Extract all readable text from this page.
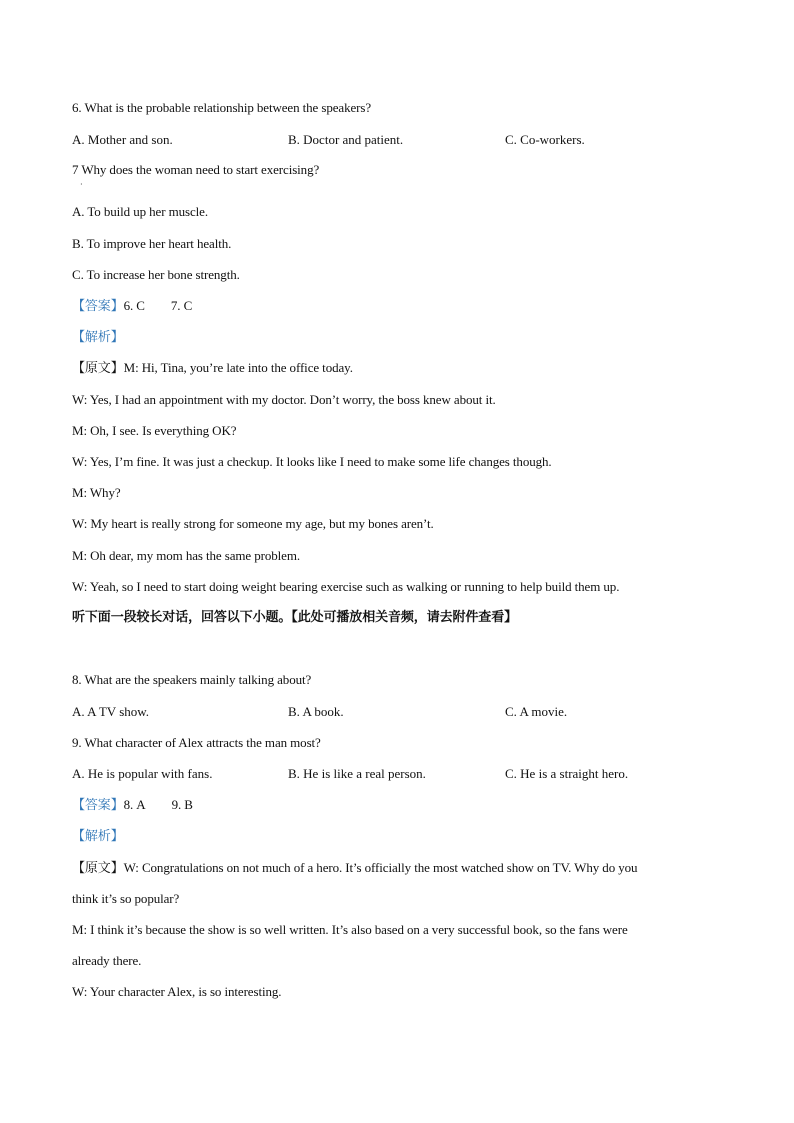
6. What is the probable relationship between the speakers?
A. Mother and son.	B. Doctor and patient.	C. Co-workers.
7 Why does the woman need to start exercising?
·
A. To build up her muscle.
B. To improve her heart health.
C. To increase her bone strength.
【答案】6. C 7. C
【解析】
【原文】M: Hi, Tina, you’re late into the office today.
W: Yes, I had an appointment with my doctor. Don’t worry, the boss knew about it.
M: Oh, I see. Is everything OK?
W: Yes, I’m fine. It was just a checkup. It looks like I need to make some life changes though.
M: Why?
W: My heart is really strong for someone my age, but my bones aren’t.
M: Oh dear, my mom has the same problem.
W: Yeah, so I need to start doing weight bearing exercise such as walking or running to help build them up.
听下面一段较长对话，回答以下小题。【此处可播放相关音频，请去附件查看】
8. What are the speakers mainly talking about?
A. A TV show.	B. A book.	C. A movie.
9. What character of Alex attracts the man most?
A. He is popular with fans.	B. He is like a real person.	C. He is a straight hero.
【答案】8. A 9. B
【解析】
【原文】W: Congratulations on not much of a hero. It’s officially the most watched show on TV. Why do you
think it’s so popular?
M: I think it’s because the show is so well written. It’s also based on a very successful book, so the fans were
already there.
W: Your character Alex, is so interesting.
